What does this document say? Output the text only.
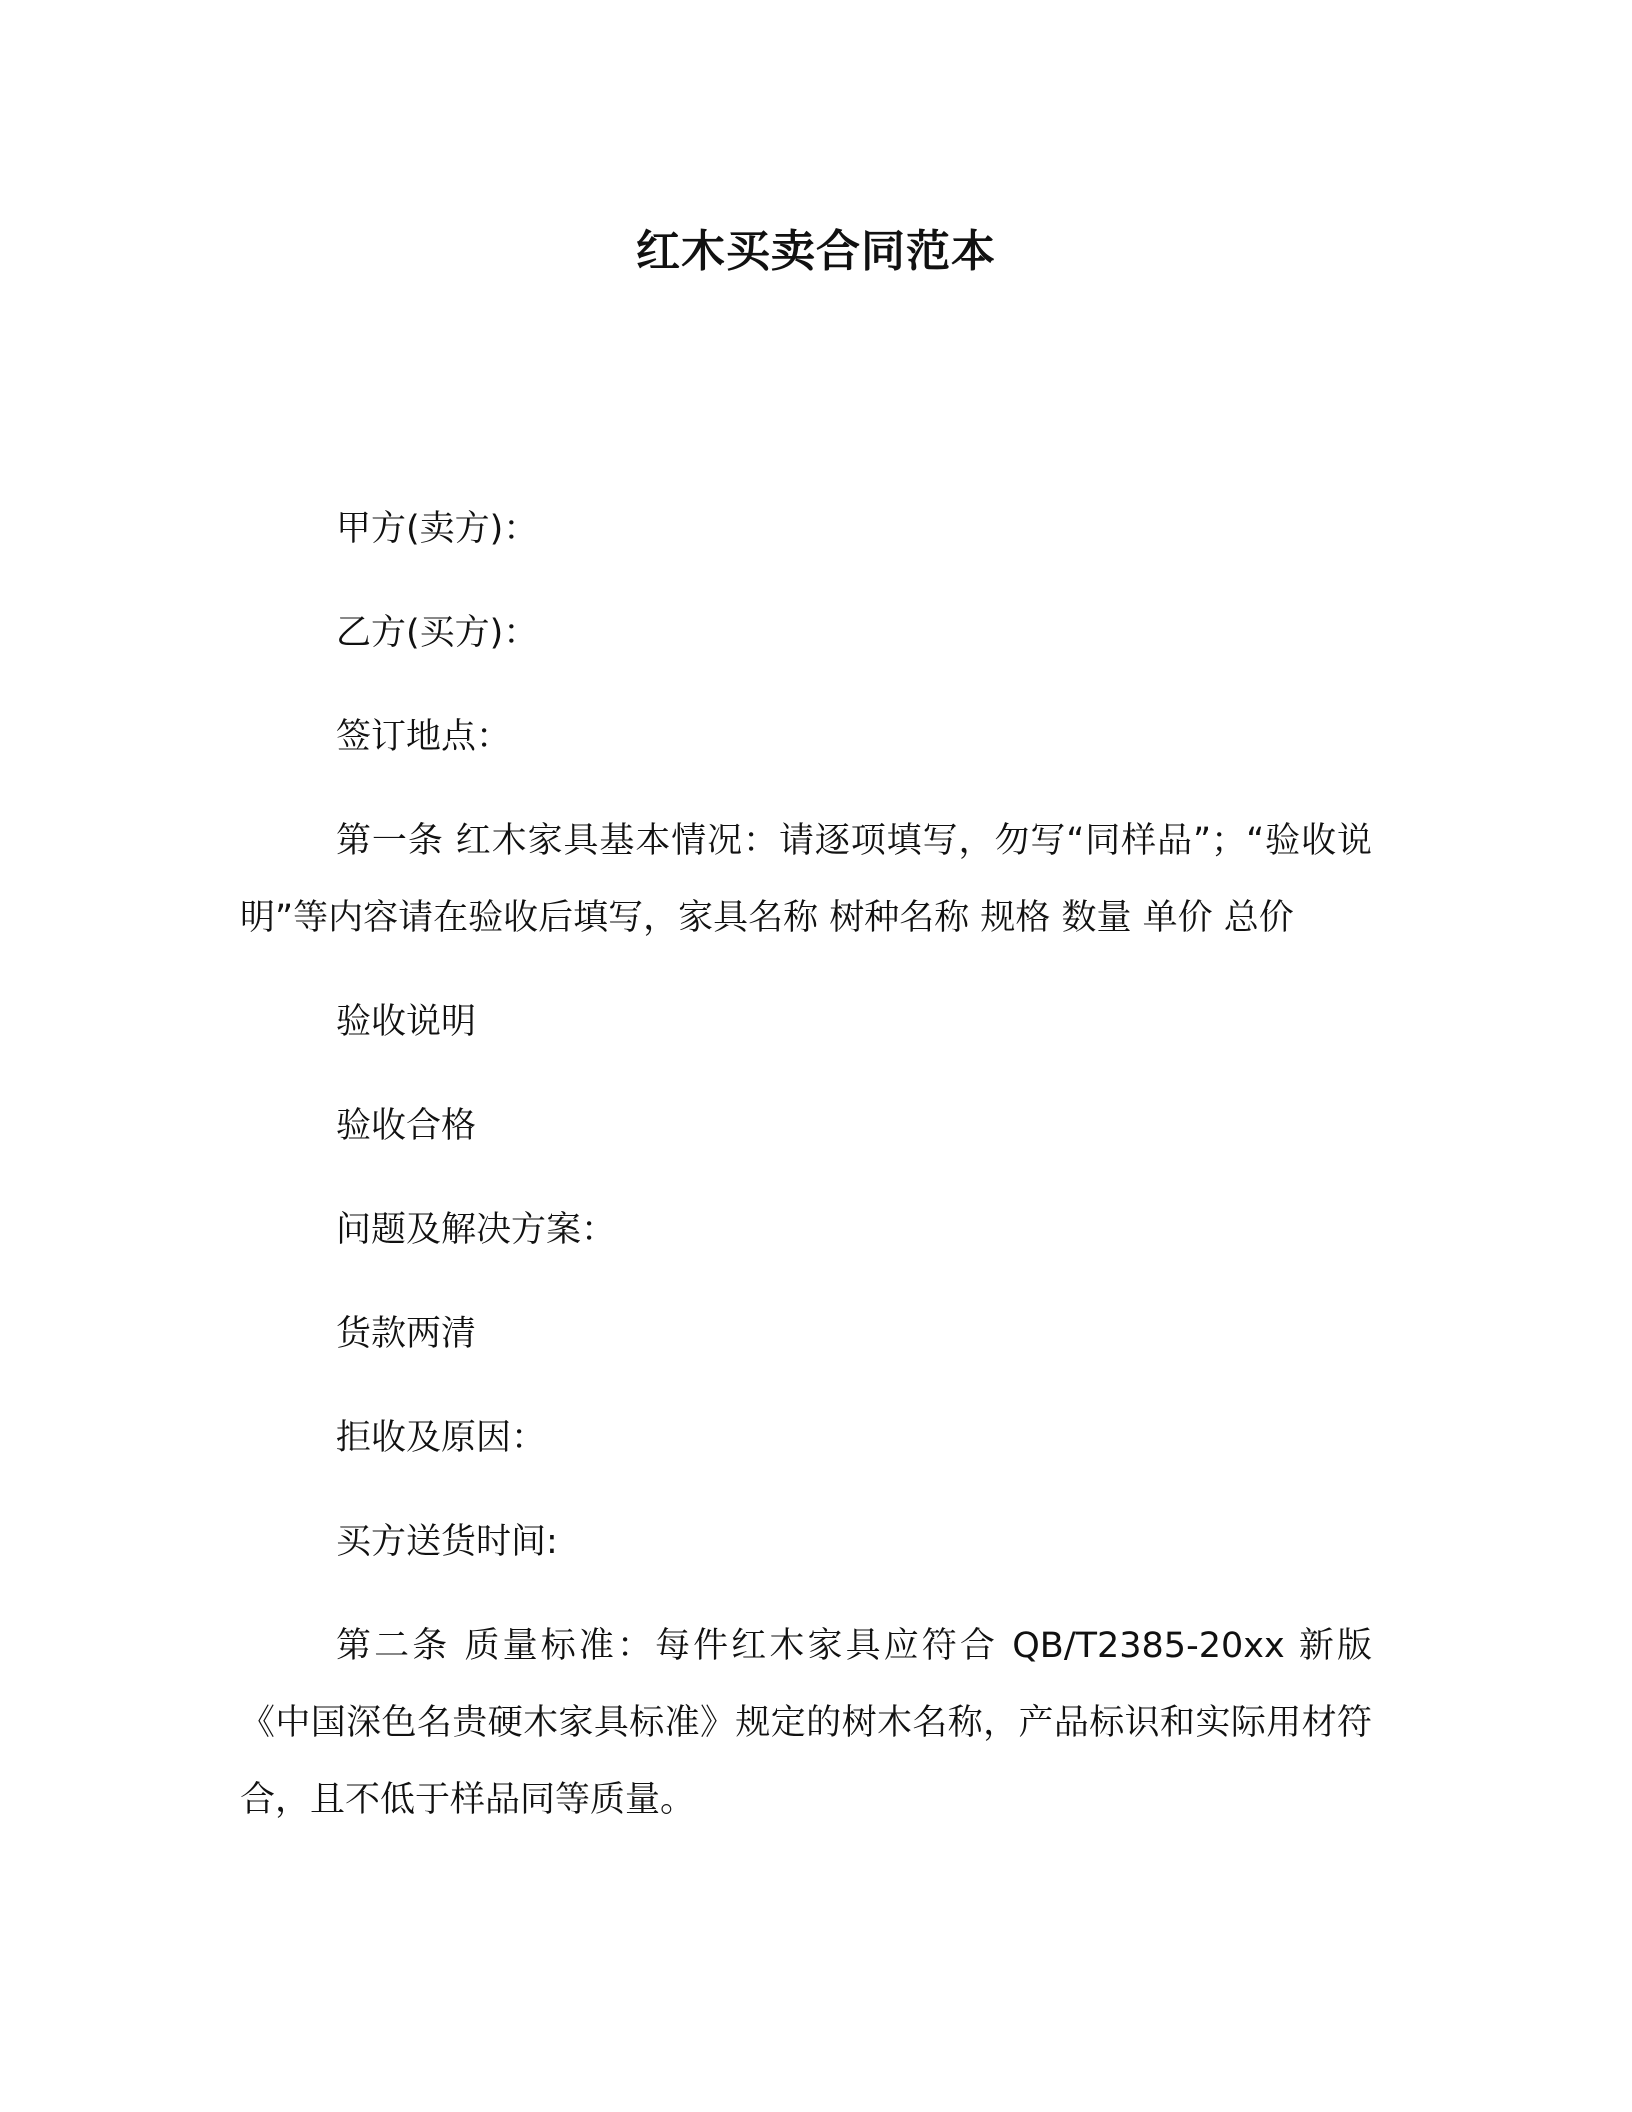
红木买卖合同范本

甲方(卖方)：

乙方(买方)：

签订地点：

第一条 红木家具基本情况：请逐项填写，勿写“同样品”；“验收说明”等内容请在验收后填写，家具名称 树种名称 规格 数量 单价 总价

验收说明

验收合格

问题及解决方案：

货款两清

拒收及原因：

买方送货时间:

第二条 质量标准：每件红木家具应符合 QB/T2385-20xx 新版《中国深色名贵硬木家具标准》规定的树木名称，产品标识和实际用材符合，且不低于样品同等质量。
